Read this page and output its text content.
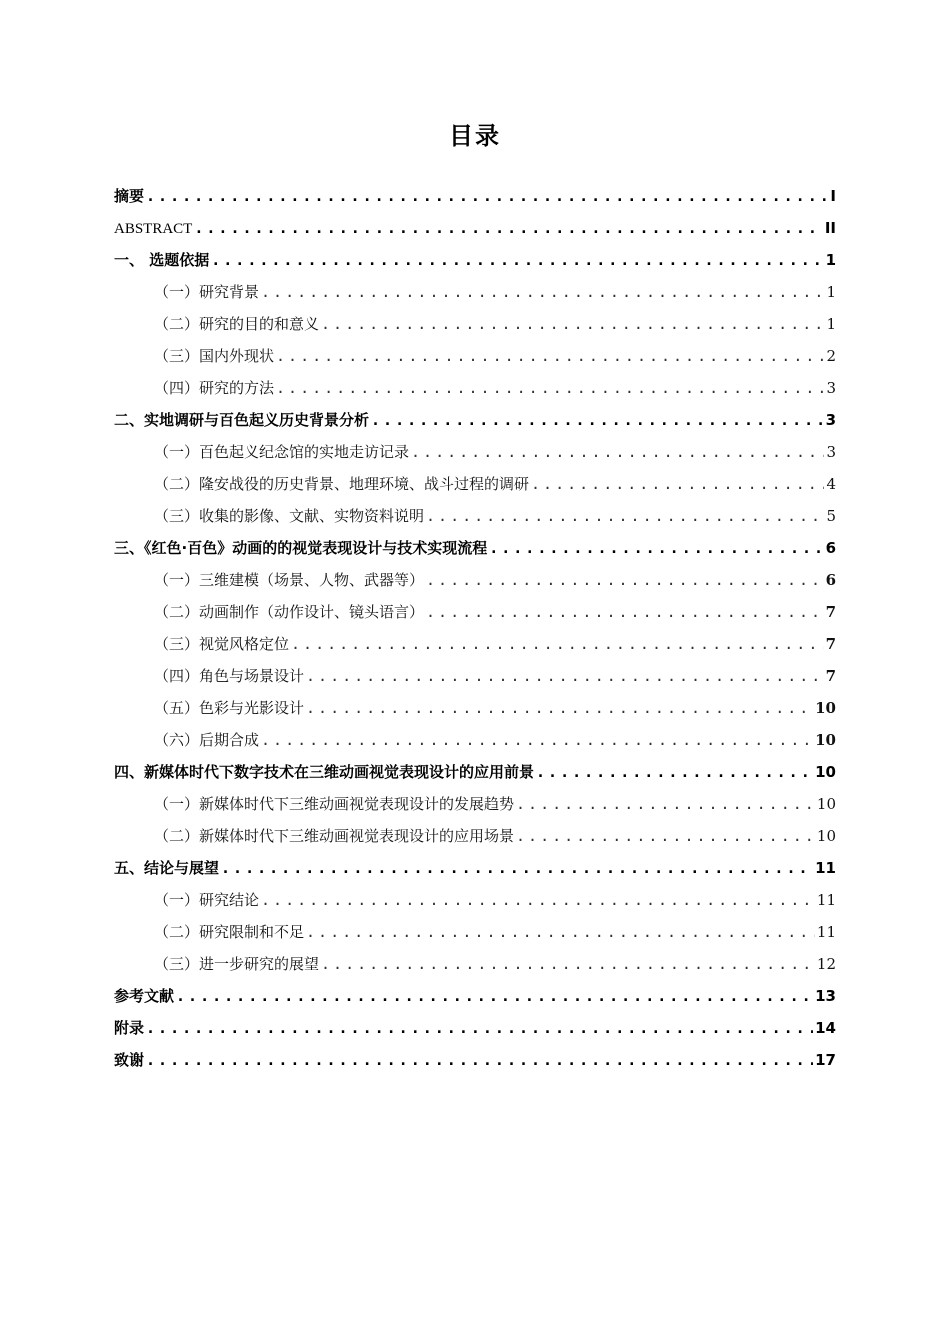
目录
摘要 .....	I
ABSTRACT .....	II
一、 选题依据 .....	1
（一）研究背景 .....	1
（二）研究的目的和意义 .....	1
（三）国内外现状 .....	2
（四）研究的方法 .....	3
二、实地调研与百色起义历史背景分析 .....	3
（一）百色起义纪念馆的实地走访记录 .....	3
（二）隆安战役的历史背景、地理环境、战斗过程的调研 .....	4
（三）收集的影像、文献、实物资料说明 .....	5
三、《红色·百色》动画的的视觉表现设计与技术实现流程 .....	6
（一）三维建模（场景、人物、武器等） .....	6
（二）动画制作（动作设计、镜头语言） .....	7
（三）视觉风格定位 .....	7
（四）角色与场景设计 .....	7
（五）色彩与光影设计 .....	10
（六）后期合成 .....	10
四、新媒体时代下数字技术在三维动画视觉表现设计的应用前景 .....	10
（一）新媒体时代下三维动画视觉表现设计的发展趋势 .....	10
（二）新媒体时代下三维动画视觉表现设计的应用场景 .....	10
五、结论与展望 .....	11
（一）研究结论 .....	11
（二）研究限制和不足 .....	11
（三）进一步研究的展望 .....	12
参考文献 .....	13
附录 .....	14
致谢 .....	17
